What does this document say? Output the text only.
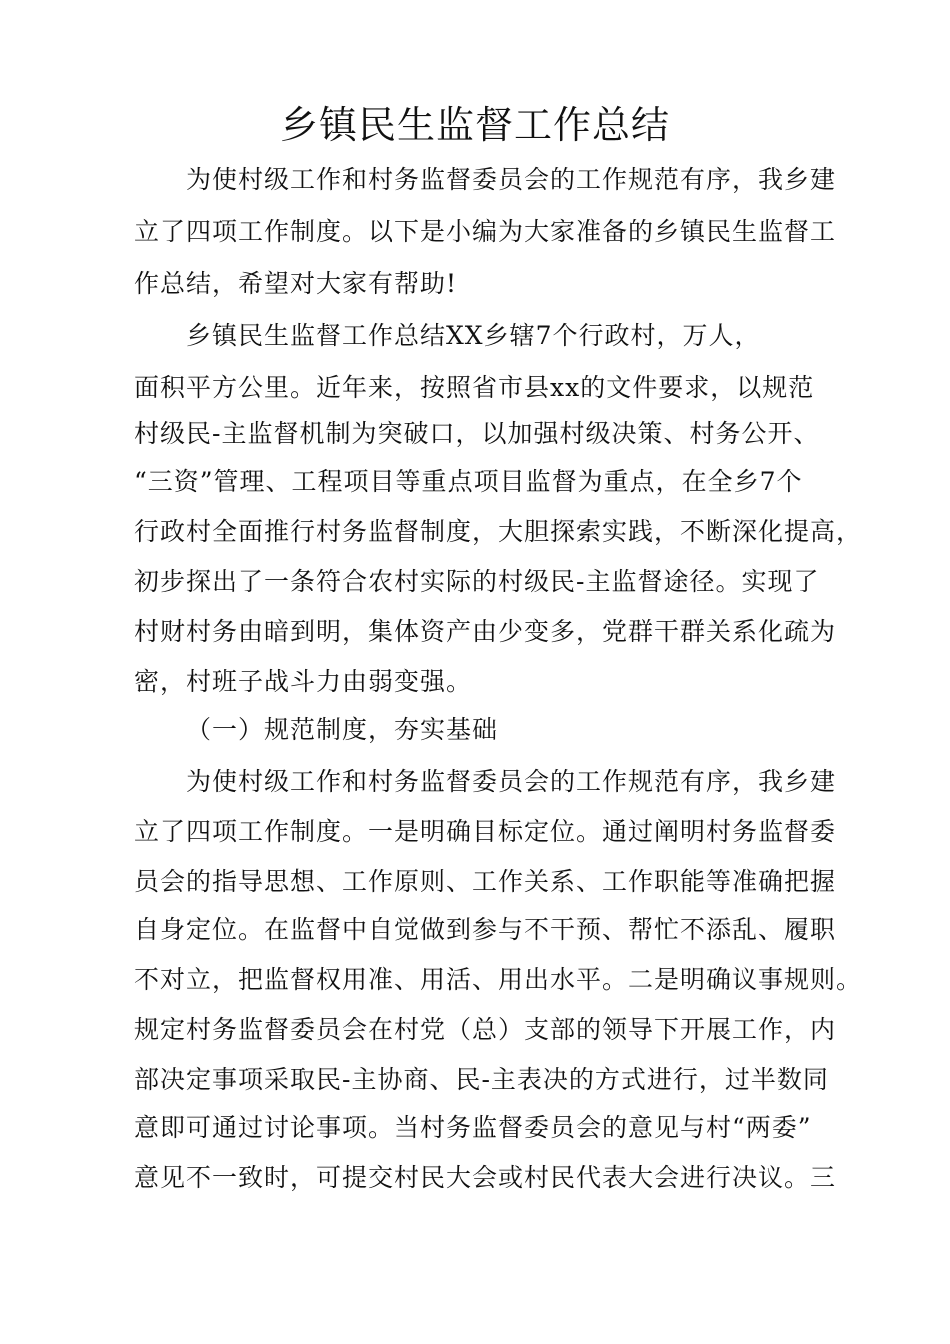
乡镇民生监督工作总结
为使村级工作和村务监督委员会的工作规范有序，我乡建
立了四项工作制度。以下是小编为大家准备的乡镇民生监督工
作总结，希望对大家有帮助!
乡镇民生监督工作总结XX乡辖7个行政村，万人，
面积平方公里。近年来，按照省市县xx的文件要求，以规范
村级民-主监督机制为突破口，以加强村级决策、村务公开、
“三资”管理、工程项目等重点项目监督为重点，在全乡7个
行政村全面推行村务监督制度，大胆探索实践，不断深化提高，
初步探出了一条符合农村实际的村级民-主监督途径。实现了
村财村务由暗到明，集体资产由少变多，党群干群关系化疏为
密，村班子战斗力由弱变强。
（一）规范制度，夯实基础
为使村级工作和村务监督委员会的工作规范有序，我乡建
立了四项工作制度。一是明确目标定位。通过阐明村务监督委
员会的指导思想、工作原则、工作关系、工作职能等准确把握
自身定位。在监督中自觉做到参与不干预、帮忙不添乱、履职
不对立，把监督权用准、用活、用出水平。二是明确议事规则。
规定村务监督委员会在村党（总）支部的领导下开展工作，内
部决定事项采取民-主协商、民-主表决的方式进行，过半数同
意即可通过讨论事项。当村务监督委员会的意见与村“两委”
意见不一致时，可提交村民大会或村民代表大会进行决议。三
